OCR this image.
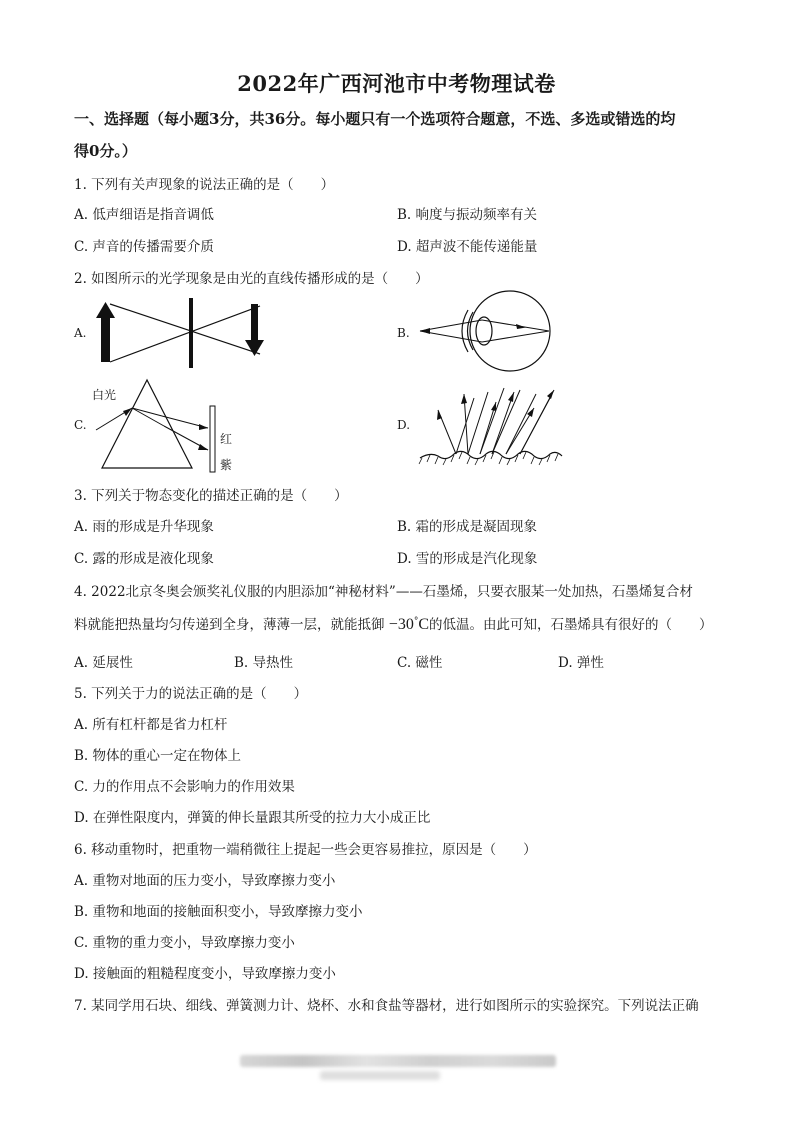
2022年广西河池市中考物理试卷
一、选择题（每小题3分，共36分。每小题只有一个选项符合题意，不选、多选或错选的均
得0分。）
1. 下列有关声现象的说法正确的是（　　）
A. 低声细语是指音调低	B. 响度与振动频率有关
C. 声音的传播需要介质	D. 超声波不能传递能量
2. 如图所示的光学现象是由光的直线传播形成的是（　　）
A.	B.
C.
白光
红
紫
D.
3. 下列关于物态变化的描述正确的是（　　）
A. 雨的形成是升华现象	B. 霜的形成是凝固现象
C. 露的形成是液化现象	D. 雪的形成是汽化现象
4. 2022北京冬奥会颁奖礼仪服的内胆添加“神秘材料”——石墨烯，只要衣服某一处加热，石墨烯复合材
料就能把热量均匀传递到全身，薄薄一层，就能抵御 −30°C的低温。由此可知，石墨烯具有很好的（　　）
A. 延展性	B. 导热性	C. 磁性	D. 弹性
5. 下列关于力的说法正确的是（　　）
A. 所有杠杆都是省力杠杆
B. 物体的重心一定在物体上
C. 力的作用点不会影响力的作用效果
D. 在弹性限度内，弹簧的伸长量跟其所受的拉力大小成正比
6. 移动重物时，把重物一端稍微往上提起一些会更容易推拉，原因是（　　）
A. 重物对地面的压力变小，导致摩擦力变小
B. 重物和地面的接触面积变小，导致摩擦力变小
C. 重物的重力变小，导致摩擦力变小
D. 接触面的粗糙程度变小，导致摩擦力变小
7. 某同学用石块、细线、弹簧测力计、烧杯、水和食盐等器材，进行如图所示的实验探究。下列说法正确
